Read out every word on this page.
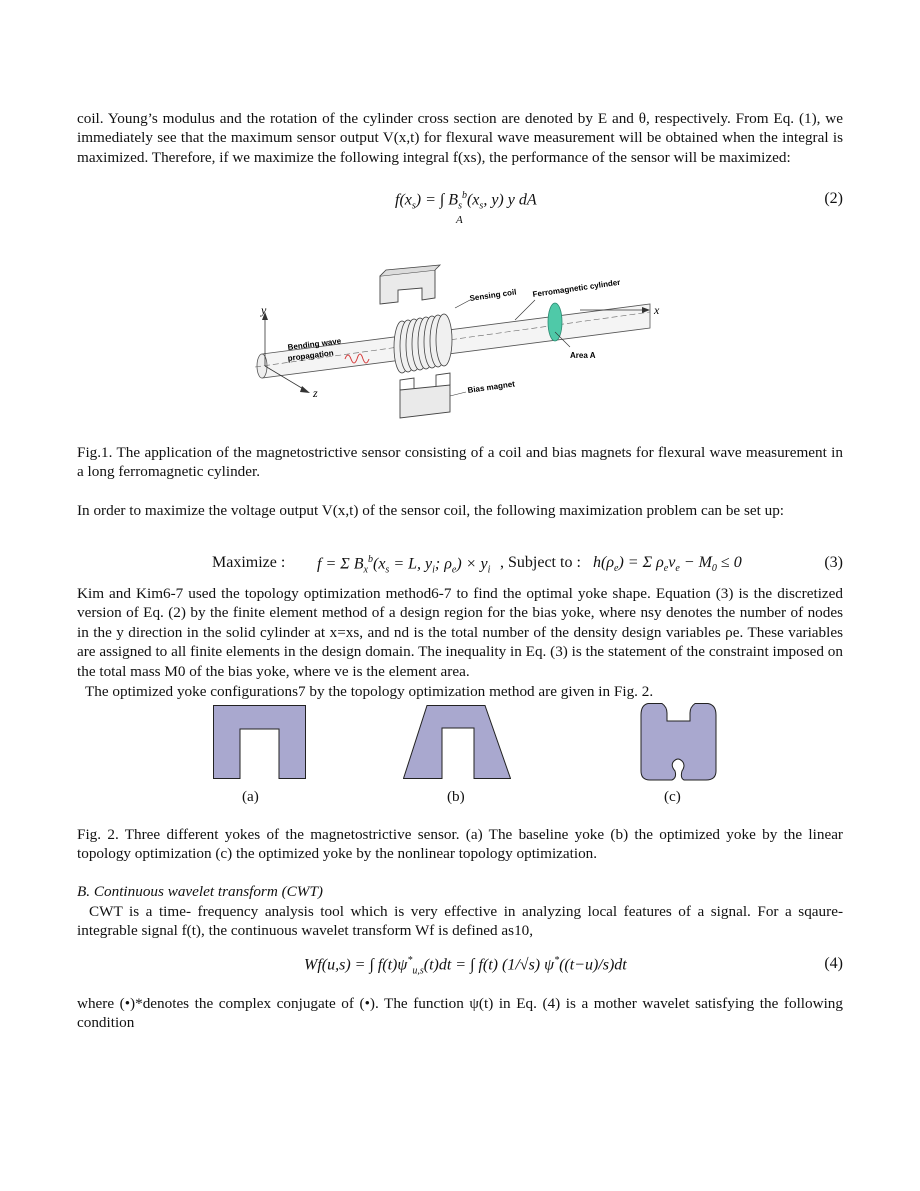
coil. Young’s modulus and the rotation of the cylinder cross section are denoted by E and θ, respectively. From Eq. (1), we immediately see that the maximum sensor output V(x,t) for flexural wave measurement will be obtained when the integral is maximized. Therefore, if we maximize the following integral f(xs), the performance of the sensor will be maximized:

$f(x_s)$ = ∫ $B_s^b(x_s$, y) y dA
A
(2)
x
y
z
Bending wave
propagation	Area A
Sensing coil Ferromagnetic cylinder
Bias magnet

Fig.1. The application of the magnetostrictive sensor consisting of a coil and bias magnets for flexural wave measurement in a long ferromagnetic cylinder.

In order to maximize the voltage output V(x,t) of the sensor coil, the following maximization problem can be set up:

Maximize : f = Σ $B_x^b(x_s = L$, $y_i$; $\rho_e) \times y_i$ , Subject to : $h(\rho_e) = \Sigma$ $\rho_ev_e - M_0 \le 0$	(3)

Kim and Kim6-7 used the topology optimization method6-7 to find the optimal yoke shape. Equation (3) is the discretized version of Eq. (2) by the finite element method of a design region for the bias yoke, where nsy denotes the number of nodes in the y direction in the solid cylinder at x=xs, and nd is the total number of the density design variables ρe. These variables are assigned to all finite elements in the design domain. The inequality in Eq. (3) is the statement of the constraint imposed on the total mass M0 of the bias yoke, where ve is the element area.

The optimized yoke configurations7 by the topology optimization method are given in Fig. 2.

(a)	(b)	(c)

Fig. 2. Three different yokes of the magnetostrictive sensor. (a) The baseline yoke (b) the optimized yoke by the linear topology optimization (c) the optimized yoke by the nonlinear topology optimization.

B. Continuous wavelet transform (CWT)

CWT is a time- frequency analysis tool which is very effective in analyzing local features of a signal. For a sqaure-integrable signal f(t), the continuous wavelet transform Wf is defined as10,

Wf(u,s) = ∫ $f(t)\psi^*_{u,s}(t)dt$ = ∫ f(t) (1/√s) ψ*((t−u)/s)dt	(4)

where (•)*denotes the complex conjugate of (•). The function ψ(t) in Eq. (4) is a mother wavelet satisfying the following condition
